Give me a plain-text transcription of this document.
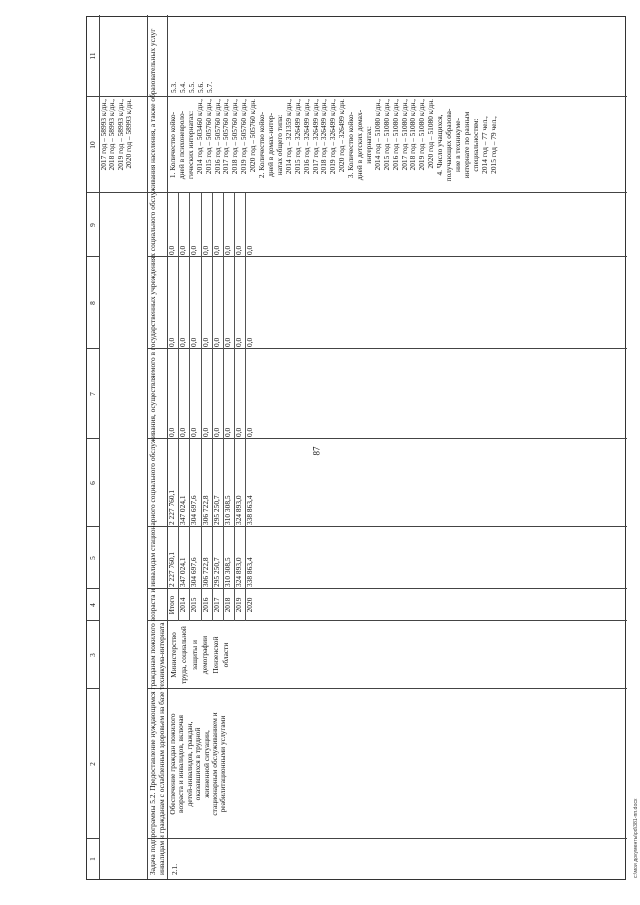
87
1
2
3
4
5
6
7
8
9
10
11
2017 год – 58993 к/дн., 2018 год – 58993 к/дн., 2019 год – 58993 к/дн., 2020 год – 58993 к/дн. Задача подпрограммы 5.2. Предоставление нуждающимся гражданам пожилого возраста и инвалидам стационарного социального обслуживания, осуществляемого в государственных учреждениях социального обслуживания населения, а также образовательных услуг инвалидам и гражданам с ослабленным здоровьем на базе техникума-интерната 2.1.
Обеспечение граждан пожилого возраста и инвалидов, включая детей-инвалидов, граждан, оказавшихся в трудной жизненной ситуации, стационарным обслуживанием и реабилитационными услугами
Министерство труда, социальной защиты и демографии Пензенской области
Итого 2014 2015 2016 2017 2018 2019 2020
2 227 760,1 347 024,1 304 697,6 306 722,8 295 250,7 310 308,5 324 893,0 338 863,4
2 227 760,1 347 024,1 304 697,6 306 722,8 295 250,7 310 308,5 324 893,0 338 863,4
0,0 0,0 0,0 0,0 0,0 0,0 0,0 0,0
0,0 0,0 0,0 0,0 0,0 0,0 0,0 0,0
0,0 0,0 0,0 0,0 0,0 0,0 0,0 0,0
1. Количество койко- дней в психоневроло- гических интернатах: 2014 год – 503460 к/дн., 2015 год – 505760 к/дн., 2016 год – 505760 к/дн., 2017 год – 505760 к/дн., 2018 год – 505760 к/дн., 2019 год – 505760 к/дн., 2020 год – 505760 к/дн. 2. Количество койко- дней в домах-интер- натах общего типа: 2014 год – 321359 к/дн., 2015 год – 326499 к/дн., 2016 год – 326499 к/дн., 2017 год – 326499 к/дн., 2018 год – 326499 к/дн., 2019 год – 326499 к/дн., 2020 год – 326499 к/дн. 3. Количество койко- дней в детских домах- интернатах: 2014 год – 51080 к/дн., 2015 год – 51080 к/дн., 2016 год – 51080 к/дн., 2017 год – 51080 к/дн., 2018 год – 51080 к/дн., 2019 год – 51080 к/дн., 2020 год – 51080 к/дн. 4. Число учащихся, получающих образова- ние в техникуме- интернате по разным специальностям: 2014 год – 77 чел., 2015 год – 79 чел.,
5.3. 5.4. 5.5. 5.6. 5.7.
c:\мои документы\pd\381-пп.docx
